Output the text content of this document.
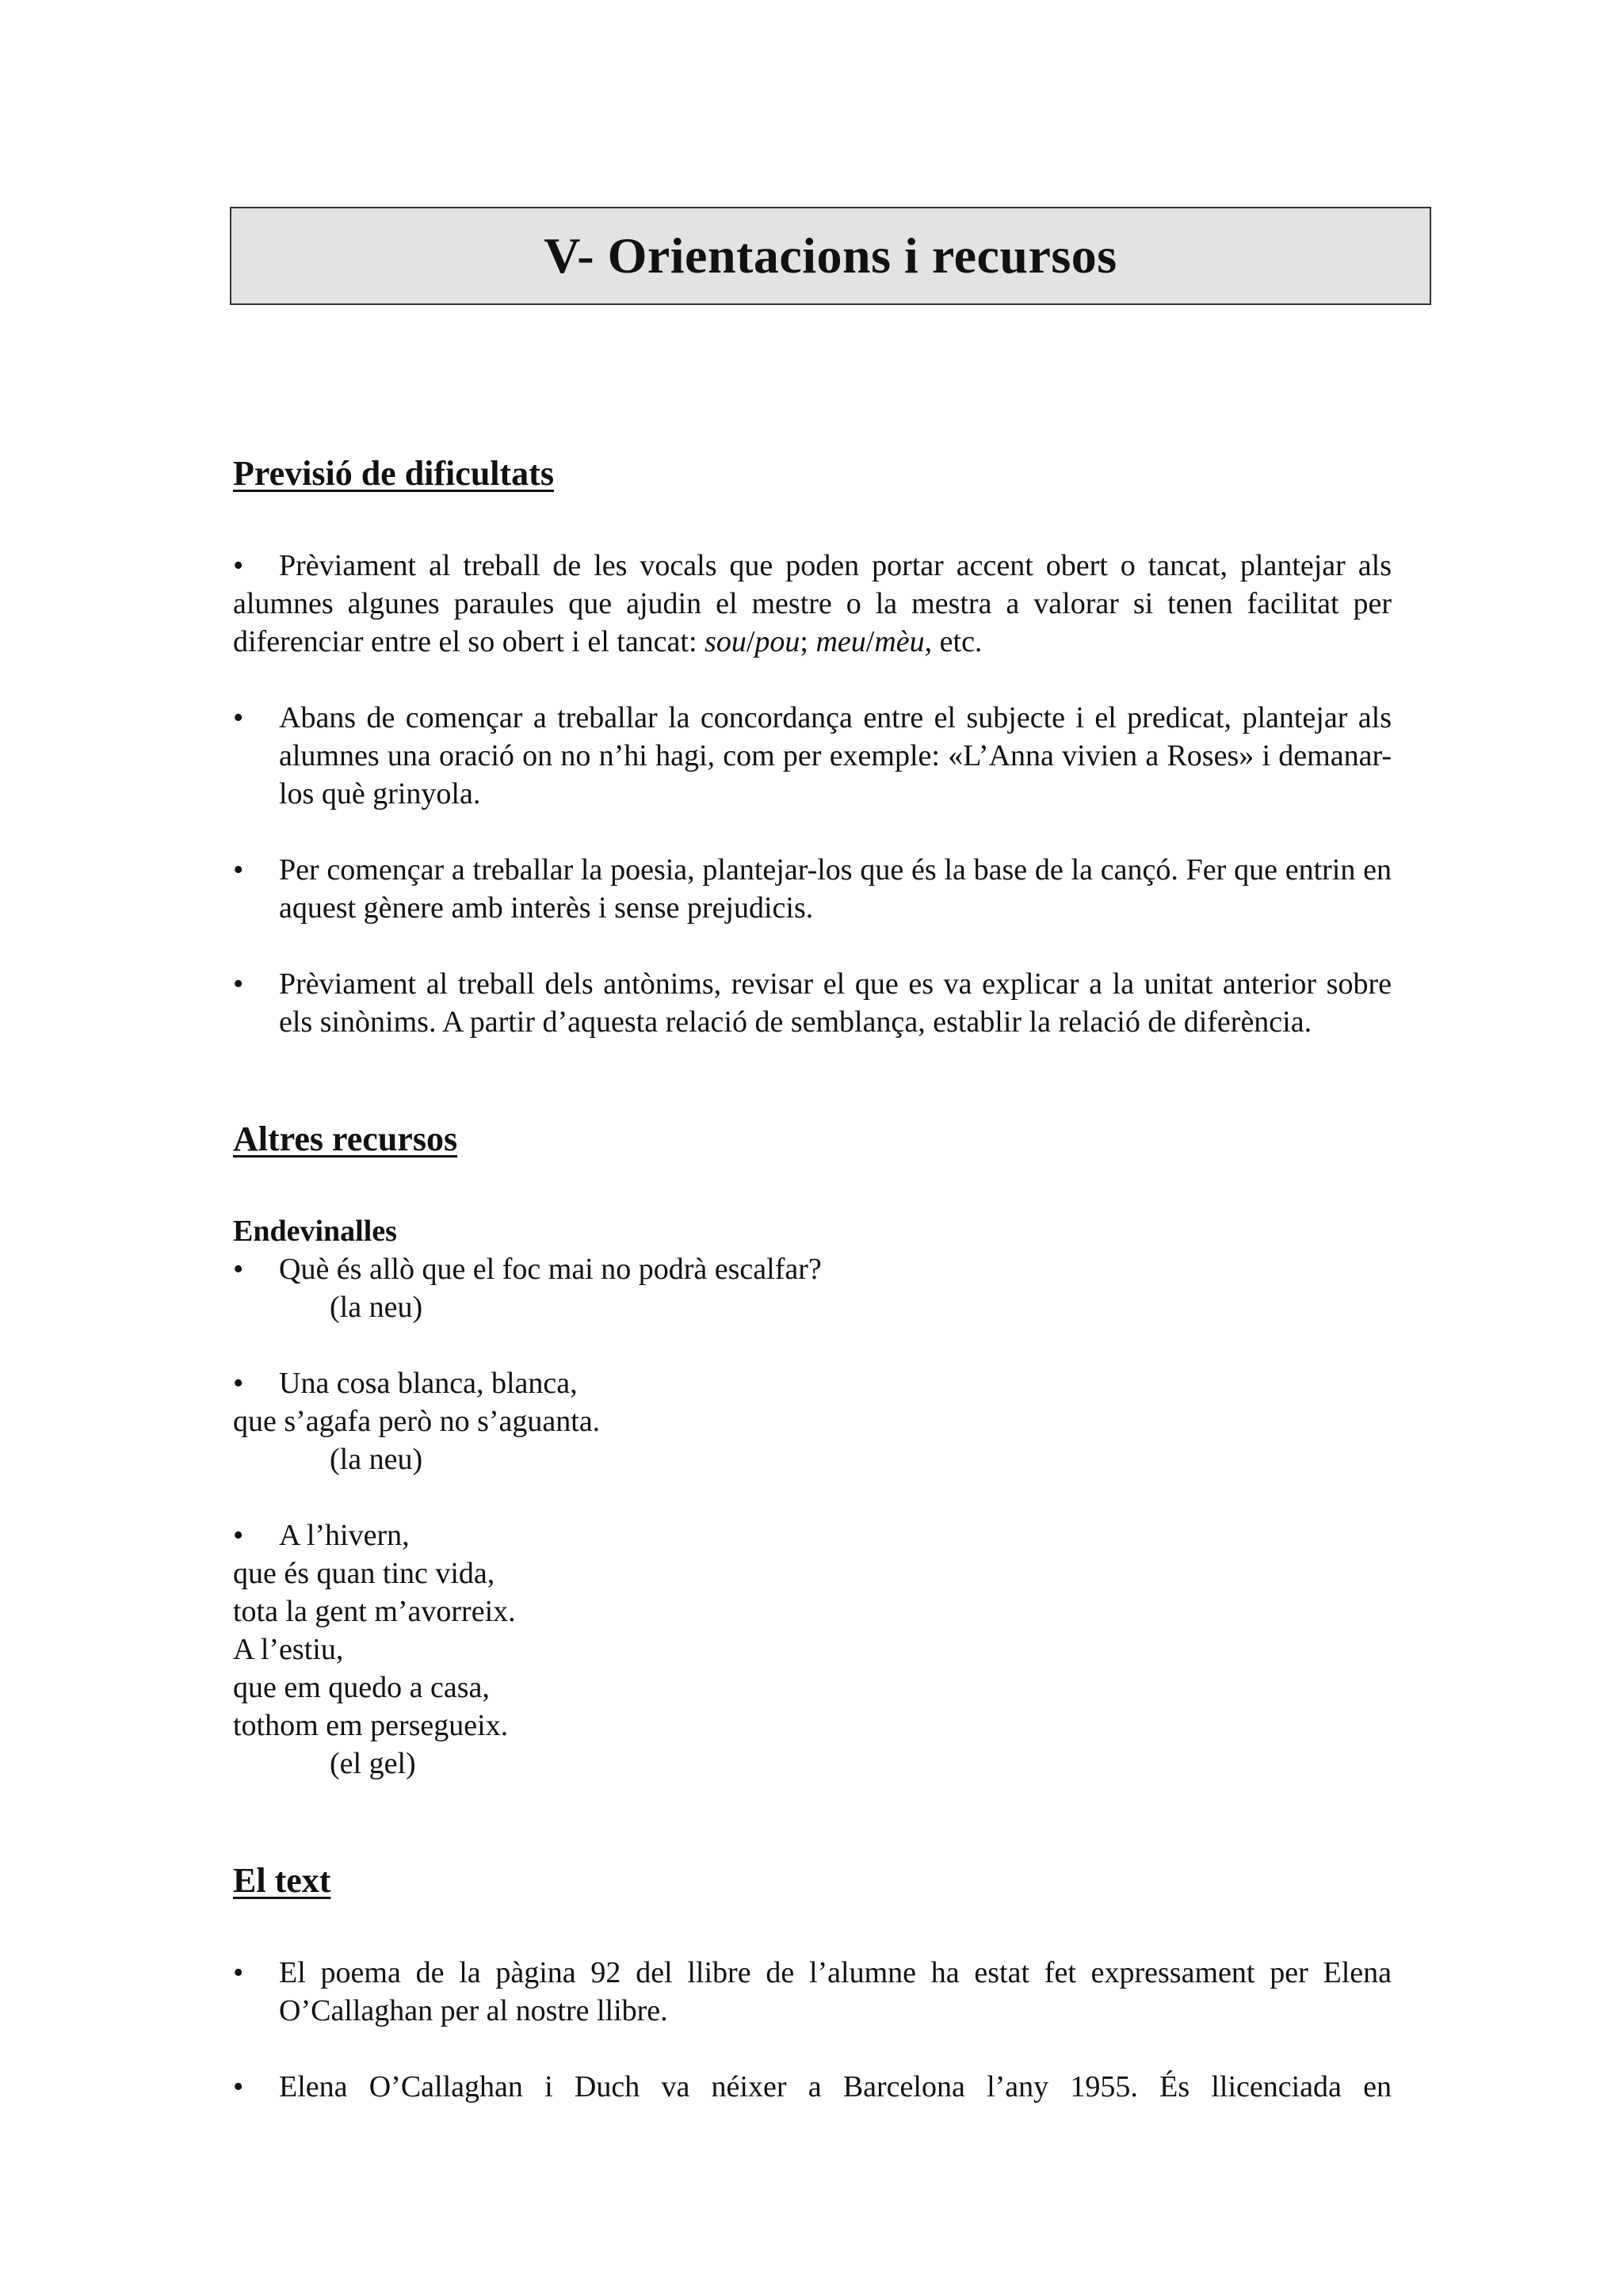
V- Orientacions i recursos
Previsió de dificultats

• Prèviament al treball de les vocals que poden portar accent obert o tancat, plantejar als alumnes algunes paraules que ajudin el mestre o la mestra a valorar si tenen facilitat per diferenciar entre el so obert i el tancat: sou/pou; meu/mèu, etc.

•	Abans de començar a treballar la concordança entre el subjecte i el predicat, plantejar als alumnes una oració on no n’hi hagi, com per exemple: «L’Anna vivien a Roses» i demanar-los què grinyola.
•	Per començar a treballar la poesia, plantejar-los que és la base de la cançó. Fer que entrin en aquest gènere amb interès i sense prejudicis.
•	Prèviament al treball dels antònims, revisar el que es va explicar a la unitat anterior sobre els sinònims. A partir d’aquesta relació de semblança, establir la relació de diferència.
Altres recursos

Endevinalles

• Què és allò que el foc mai no podrà escalfar?

(la neu)

• Una cosa blanca, blanca,

que s’agafa però no s’aguanta.

(la neu)

• A l’hivern,

que és quan tinc vida,

tota la gent m’avorreix.

A l’estiu,

que em quedo a casa,

tothom em persegueix.

(el gel)

El text
•	El poema de la pàgina 92 del llibre de l’alumne ha estat fet expressament per Elena O’Callaghan per al nostre llibre.
•	Elena O’Callaghan i Duch va néixer a Barcelona l’any 1955. És llicenciada en
